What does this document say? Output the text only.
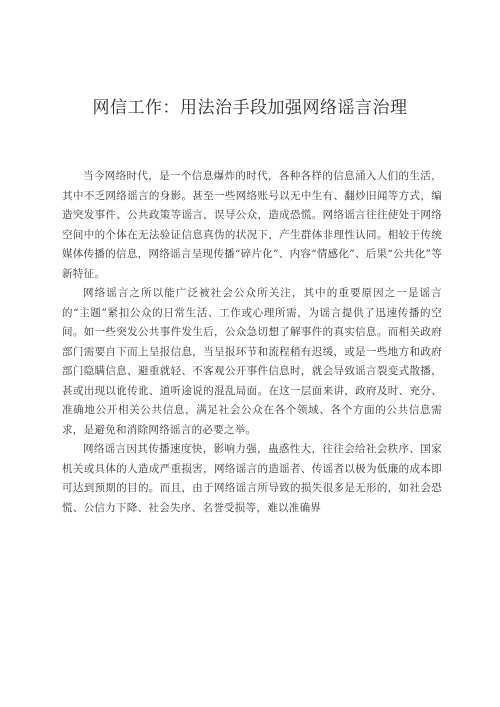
网信工作：用法治手段加强网络谣言治理

当今网络时代，是一个信息爆炸的时代，各种各样的信息涌入人们的生活，其中不乏网络谣言的身影。甚至一些网络账号以无中生有、翻炒旧闻等方式，编造突发事件、公共政策等谣言，误导公众，造成恐慌。网络谣言往往使处于网络空间中的个体在无法验证信息真伪的状况下，产生群体非理性认同。相较于传统媒体传播的信息，网络谣言呈现传播“碎片化”、内容“情感化”、后果“公共化”等新特征。

网络谣言之所以能广泛被社会公众所关注，其中的重要原因之一是谣言的“主题”紧扣公众的日常生活、工作或心理所需，为谣言提供了迅速传播的空间。如一些突发公共事件发生后，公众急切想了解事件的真实信息。而相关政府部门需要自下而上呈报信息，当呈报环节和流程稍有迟缓，或是一些地方和政府部门隐瞒信息、避重就轻、不客观公开事件信息时，就会导致谣言裂变式散播，甚或出现以讹传讹、道听途说的混乱局面。在这一层面来讲，政府及时、充分、准确地公开相关公共信息，满足社会公众在各个领域、各个方面的公共信息需求，是避免和消除网络谣言的必要之举。

网络谣言因其传播速度快，影响力强，蛊惑性大，往往会给社会秩序、国家机关或具体的人造成严重损害，网络谣言的造谣者、传谣者以极为低廉的成本即可达到预期的目的。而且，由于网络谣言所导致的损失很多是无形的，如社会恐慌、公信力下降、社会失序、名誉受损等，难以准确界
